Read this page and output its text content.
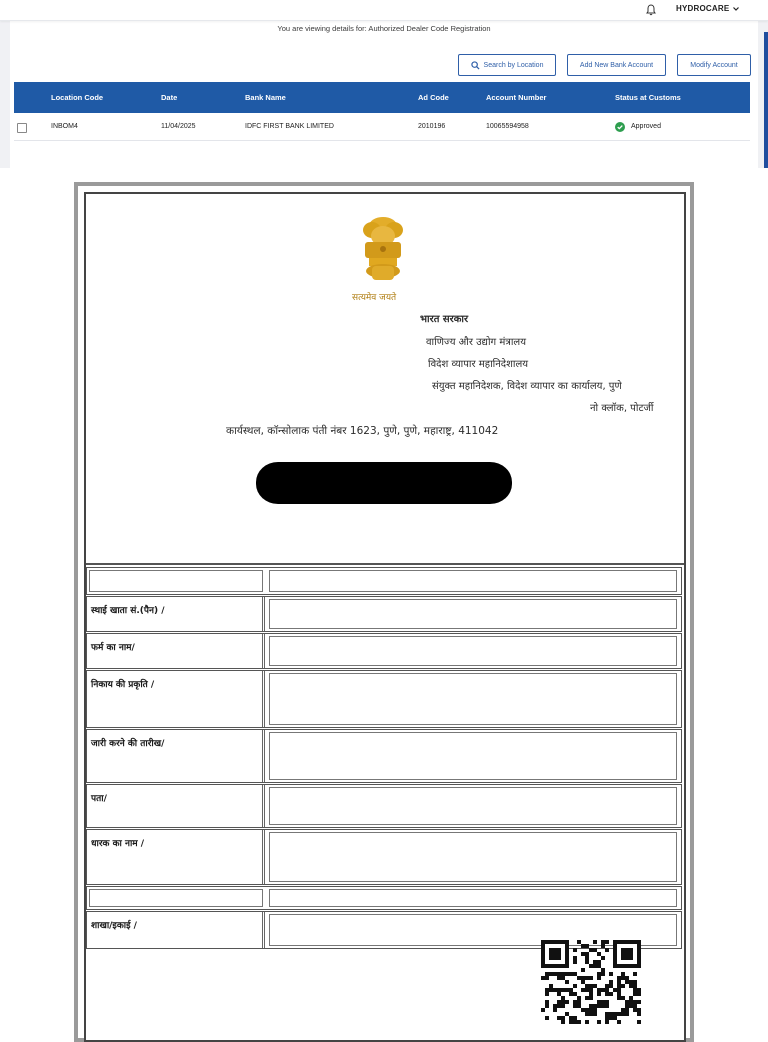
HYDROCARE
You are viewing details for: Authorized Dealer Code Registration
Search by Location	Add New Bank Account	Modify Account
Location Code	Date	Bank Name	Ad Code	Account Number	Status at Customs
INBOM4	11/04/2025	IDFC FIRST BANK LIMITED	2010196	10065594958	Approved
सत्यमेव जयते
भारत सरकार
वाणिज्य और उद्योग मंत्रालय
विदेश व्यापार महानिदेशालय
संयुक्त महानिदेशक, विदेश व्यापार का कार्यालय, पुणे
नो क्लॉक, पोटर्जी
कार्यस्थल, कॉन्सोलाक पंती नंबर 1623, पुणे, पुणे, महाराष्ट्र, 411042
स्थाई खाता सं.(पैन) /
फर्म का नाम/
निकाय की प्रकृति /
जारी करने की तारीख/
पता/
धारक का नाम /
शाखा/इकाई /
